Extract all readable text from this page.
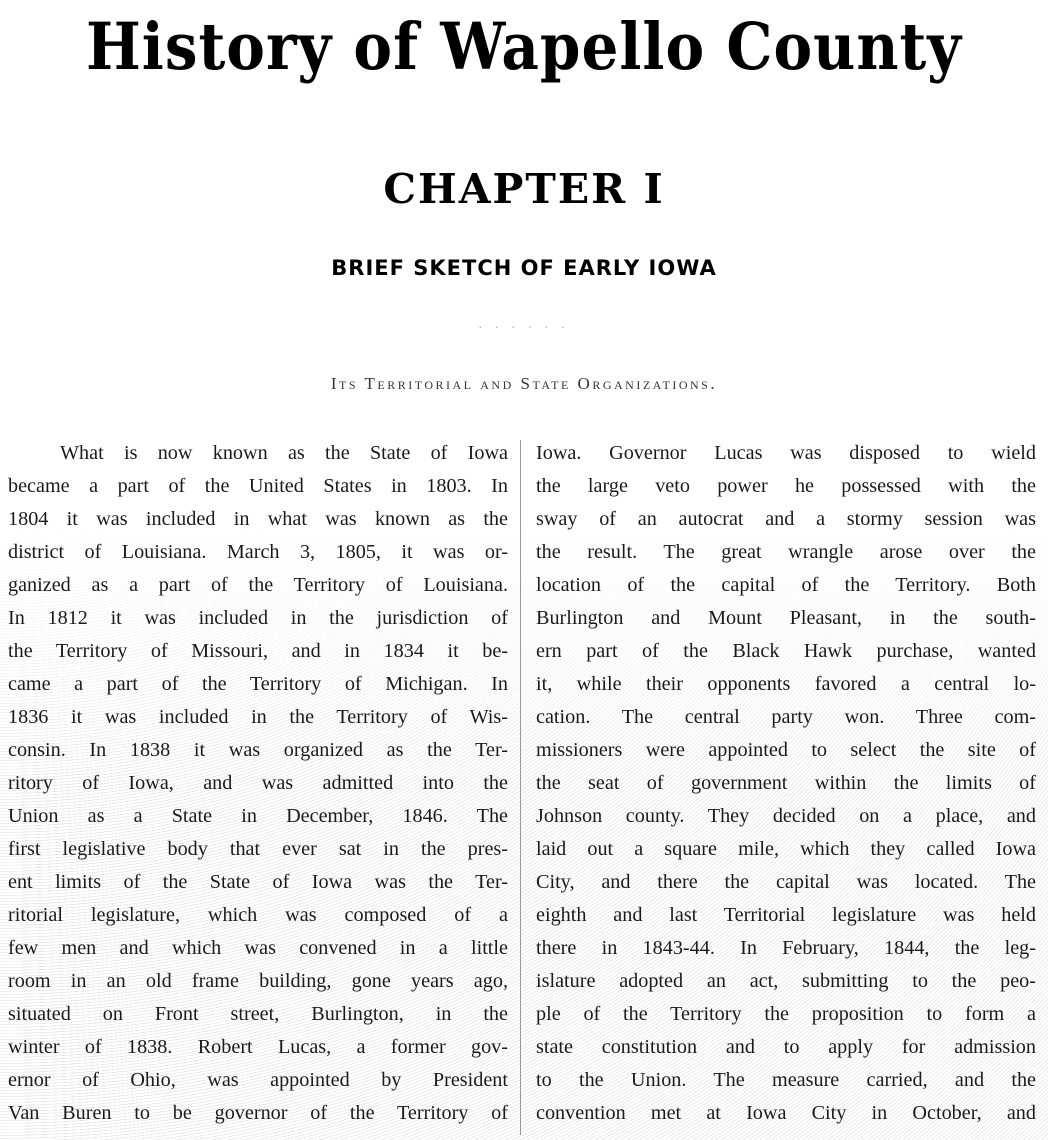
History of Wapello County
CHAPTER I
BRIEF SKETCH OF EARLY IOWA
. . . . . .
Its Territorial and State Organizations.
What is now known as the State of Iowa
became a part of the United States in 1803. In
1804 it was included in what was known as the
district of Louisiana. March 3, 1805, it was or-
ganized as a part of the Territory of Louisiana.
In 1812 it was included in the jurisdiction of
the Territory of Missouri, and in 1834 it be-
came a part of the Territory of Michigan. In
1836 it was included in the Territory of Wis-
consin. In 1838 it was organized as the Ter-
ritory of Iowa, and was admitted into the
Union as a State in December, 1846. The
first legislative body that ever sat in the pres-
ent limits of the State of Iowa was the Ter-
ritorial legislature, which was composed of a
few men and which was convened in a little
room in an old frame building, gone years ago,
situated on Front street, Burlington, in the
winter of 1838. Robert Lucas, a former gov-
ernor of Ohio, was appointed by President
Van Buren to be governor of the Territory of
Iowa. Governor Lucas was disposed to wield
the large veto power he possessed with the
sway of an autocrat and a stormy session was
the result. The great wrangle arose over the
location of the capital of the Territory. Both
Burlington and Mount Pleasant, in the south-
ern part of the Black Hawk purchase, wanted
it, while their opponents favored a central lo-
cation. The central party won. Three com-
missioners were appointed to select the site of
the seat of government within the limits of
Johnson county. They decided on a place, and
laid out a square mile, which they called Iowa
City, and there the capital was located. The
eighth and last Territorial legislature was held
there in 1843-44. In February, 1844, the leg-
islature adopted an act, submitting to the peo-
ple of the Territory the proposition to form a
state constitution and to apply for admission
to the Union. The measure carried, and the
convention met at Iowa City in October, and
